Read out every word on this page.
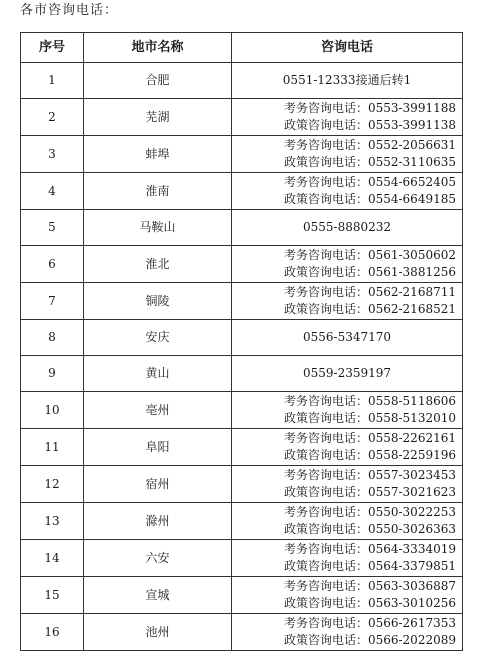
各市咨询电话：
序号	地市名称	咨询电话
1	合肥	0551-12333接通后转1

2	芜湖	考务咨询电话：0553-3991188
政策咨询电话：0553-3991138

3	蚌埠	考务咨询电话：0552-2056631
政策咨询电话：0552-3110635

4	淮南	考务咨询电话：0554-6652405
政策咨询电话：0554-6649185

5	马鞍山	0555-8880232

6	淮北	考务咨询电话：0561-3050602
政策咨询电话：0561-3881256

7	铜陵	考务咨询电话：0562-2168711
政策咨询电话：0562-2168521

8	安庆	0556-5347170

9	黄山	0559-2359197

10	亳州	考务咨询电话：0558-5118606
政策咨询电话：0558-5132010

11	阜阳	考务咨询电话：0558-2262161
政策咨询电话：0558-2259196

12	宿州	考务咨询电话：0557-3023453
政策咨询电话：0557-3021623

13	滁州	考务咨询电话：0550-3022253
政策咨询电话：0550-3026363

14	六安	考务咨询电话：0564-3334019
政策咨询电话：0564-3379851

15	宣城	考务咨询电话：0563-3036887
政策咨询电话：0563-3010256

16	池州	考务咨询电话：0566-2617353
政策咨询电话：0566-2022089
